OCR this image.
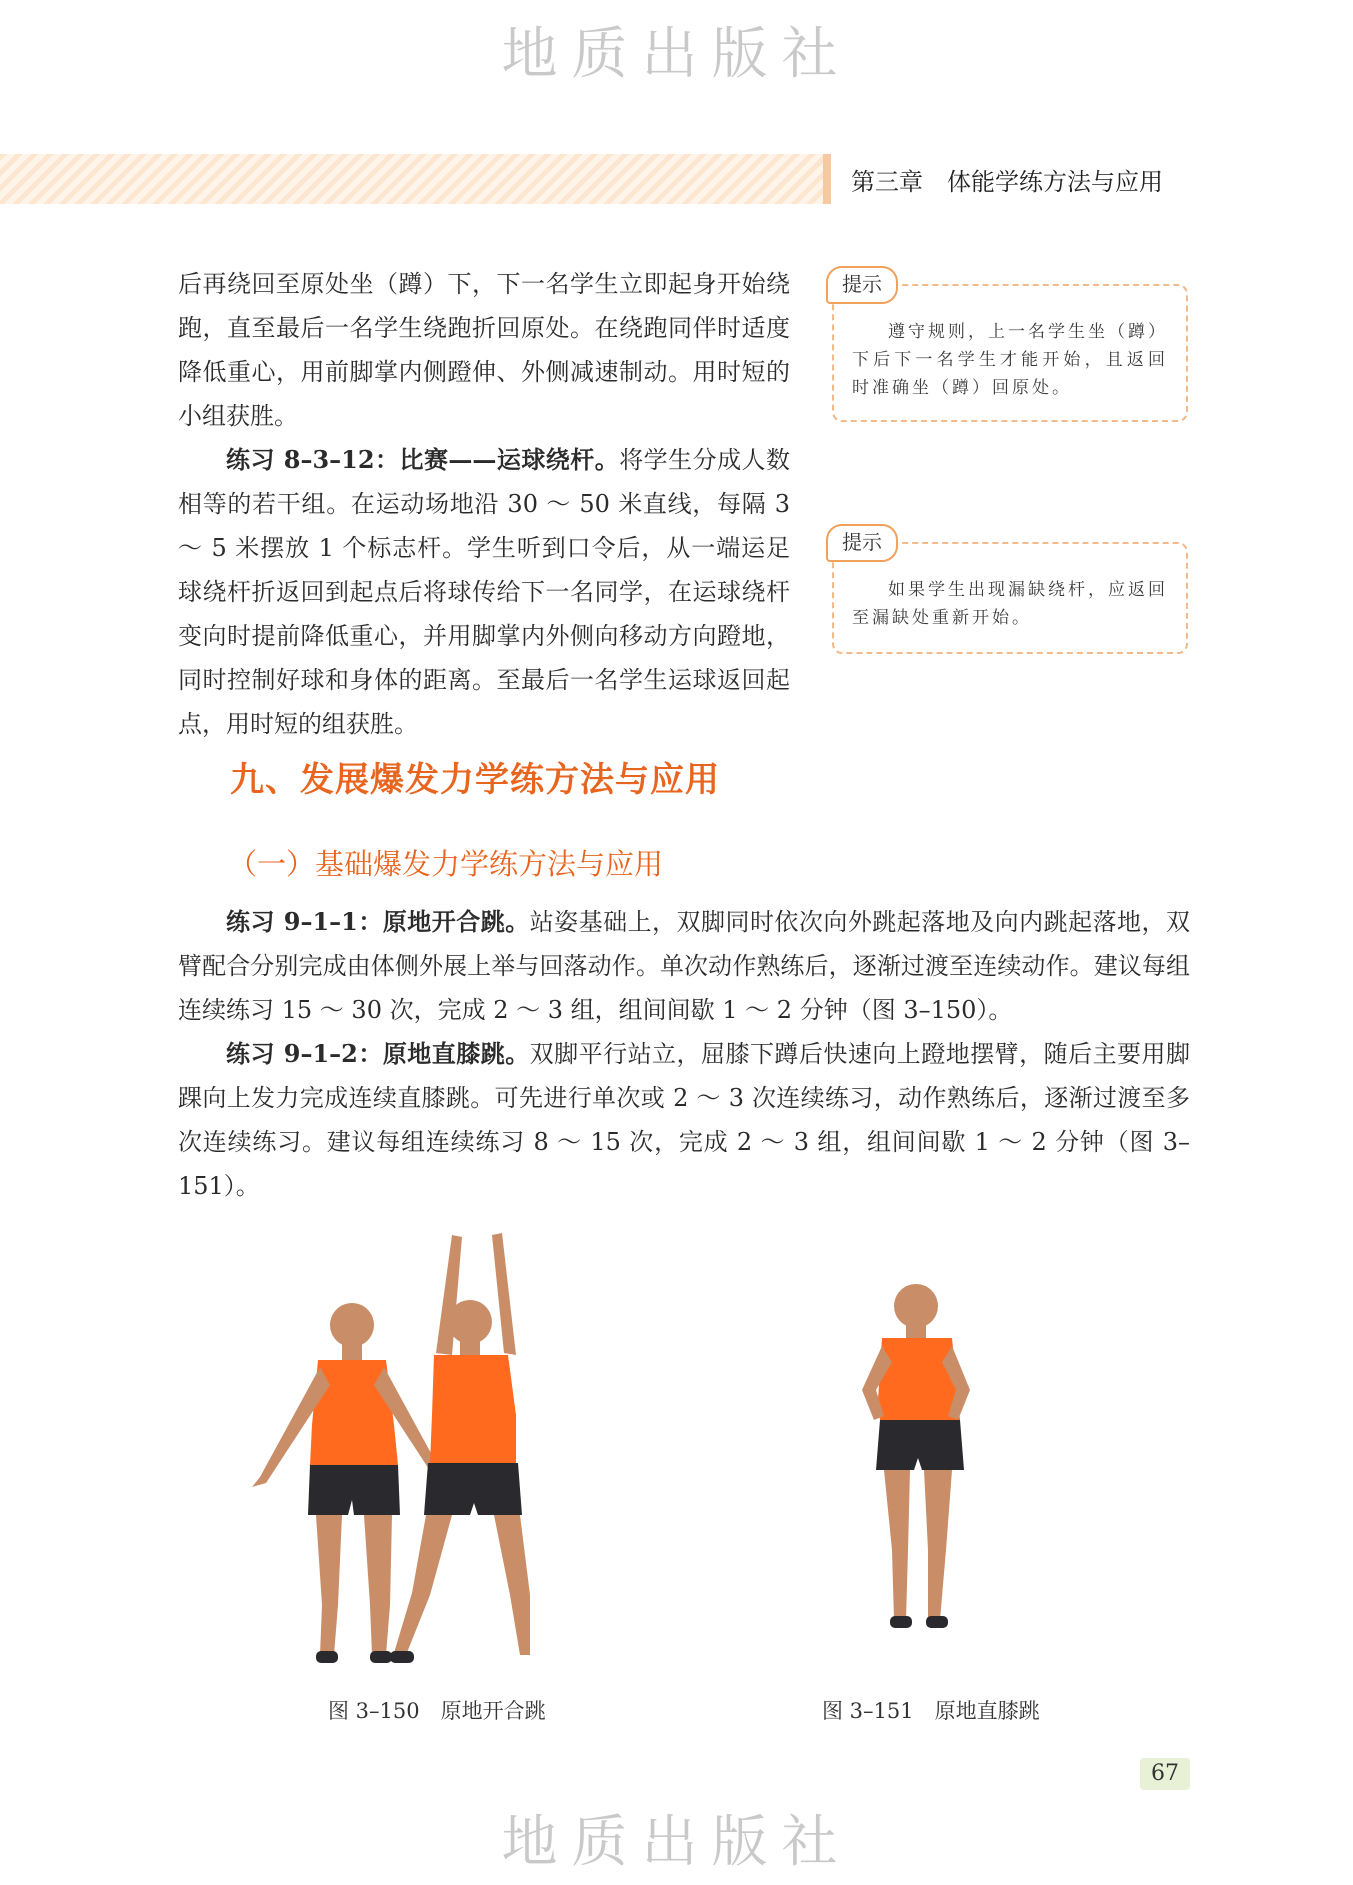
地质出版社
第三章　体能学练方法与应用

后再绕回至原处坐（蹲）下，下一名学生立即起身开始绕跑，直至最后一名学生绕跑折回原处。在绕跑同伴时适度降低重心，用前脚掌内侧蹬伸、外侧减速制动。用时短的小组获胜。

练习 8–3–12：比赛——运球绕杆。将学生分成人数相等的若干组。在运动场地沿 30 ～ 50 米直线，每隔 3 ～ 5 米摆放 1 个标志杆。学生听到口令后，从一端运足球绕杆折返回到起点后将球传给下一名同学，在运球绕杆变向时提前降低重心，并用脚掌内外侧向移动方向蹬地，同时控制好球和身体的距离。至最后一名学生运球返回起点，用时短的组获胜。

提示
遵守规则，上一名学生坐（蹲）下后下一名学生才能开始，且返回时准确坐（蹲）回原处。
提示
如果学生出现漏缺绕杆，应返回至漏缺处重新开始。
九、发展爆发力学练方法与应用
（一）基础爆发力学练方法与应用

练习 9–1–1：原地开合跳。站姿基础上，双脚同时依次向外跳起落地及向内跳起落地，双臂配合分别完成由体侧外展上举与回落动作。单次动作熟练后，逐渐过渡至连续动作。建议每组连续练习 15 ～ 30 次，完成 2 ～ 3 组，组间间歇 1 ～ 2 分钟（图 3–150）。

练习 9–1–2：原地直膝跳。双脚平行站立，屈膝下蹲后快速向上蹬地摆臂，随后主要用脚踝向上发力完成连续直膝跳。可先进行单次或 2 ～ 3 次连续练习，动作熟练后，逐渐过渡至多次连续练习。建议每组连续练习 8 ～ 15 次，完成 2 ～ 3 组，组间间歇 1 ～ 2 分钟（图 3–151）。

图 3–150　原地开合跳	图 3–151　原地直膝跳
67
地质出版社
